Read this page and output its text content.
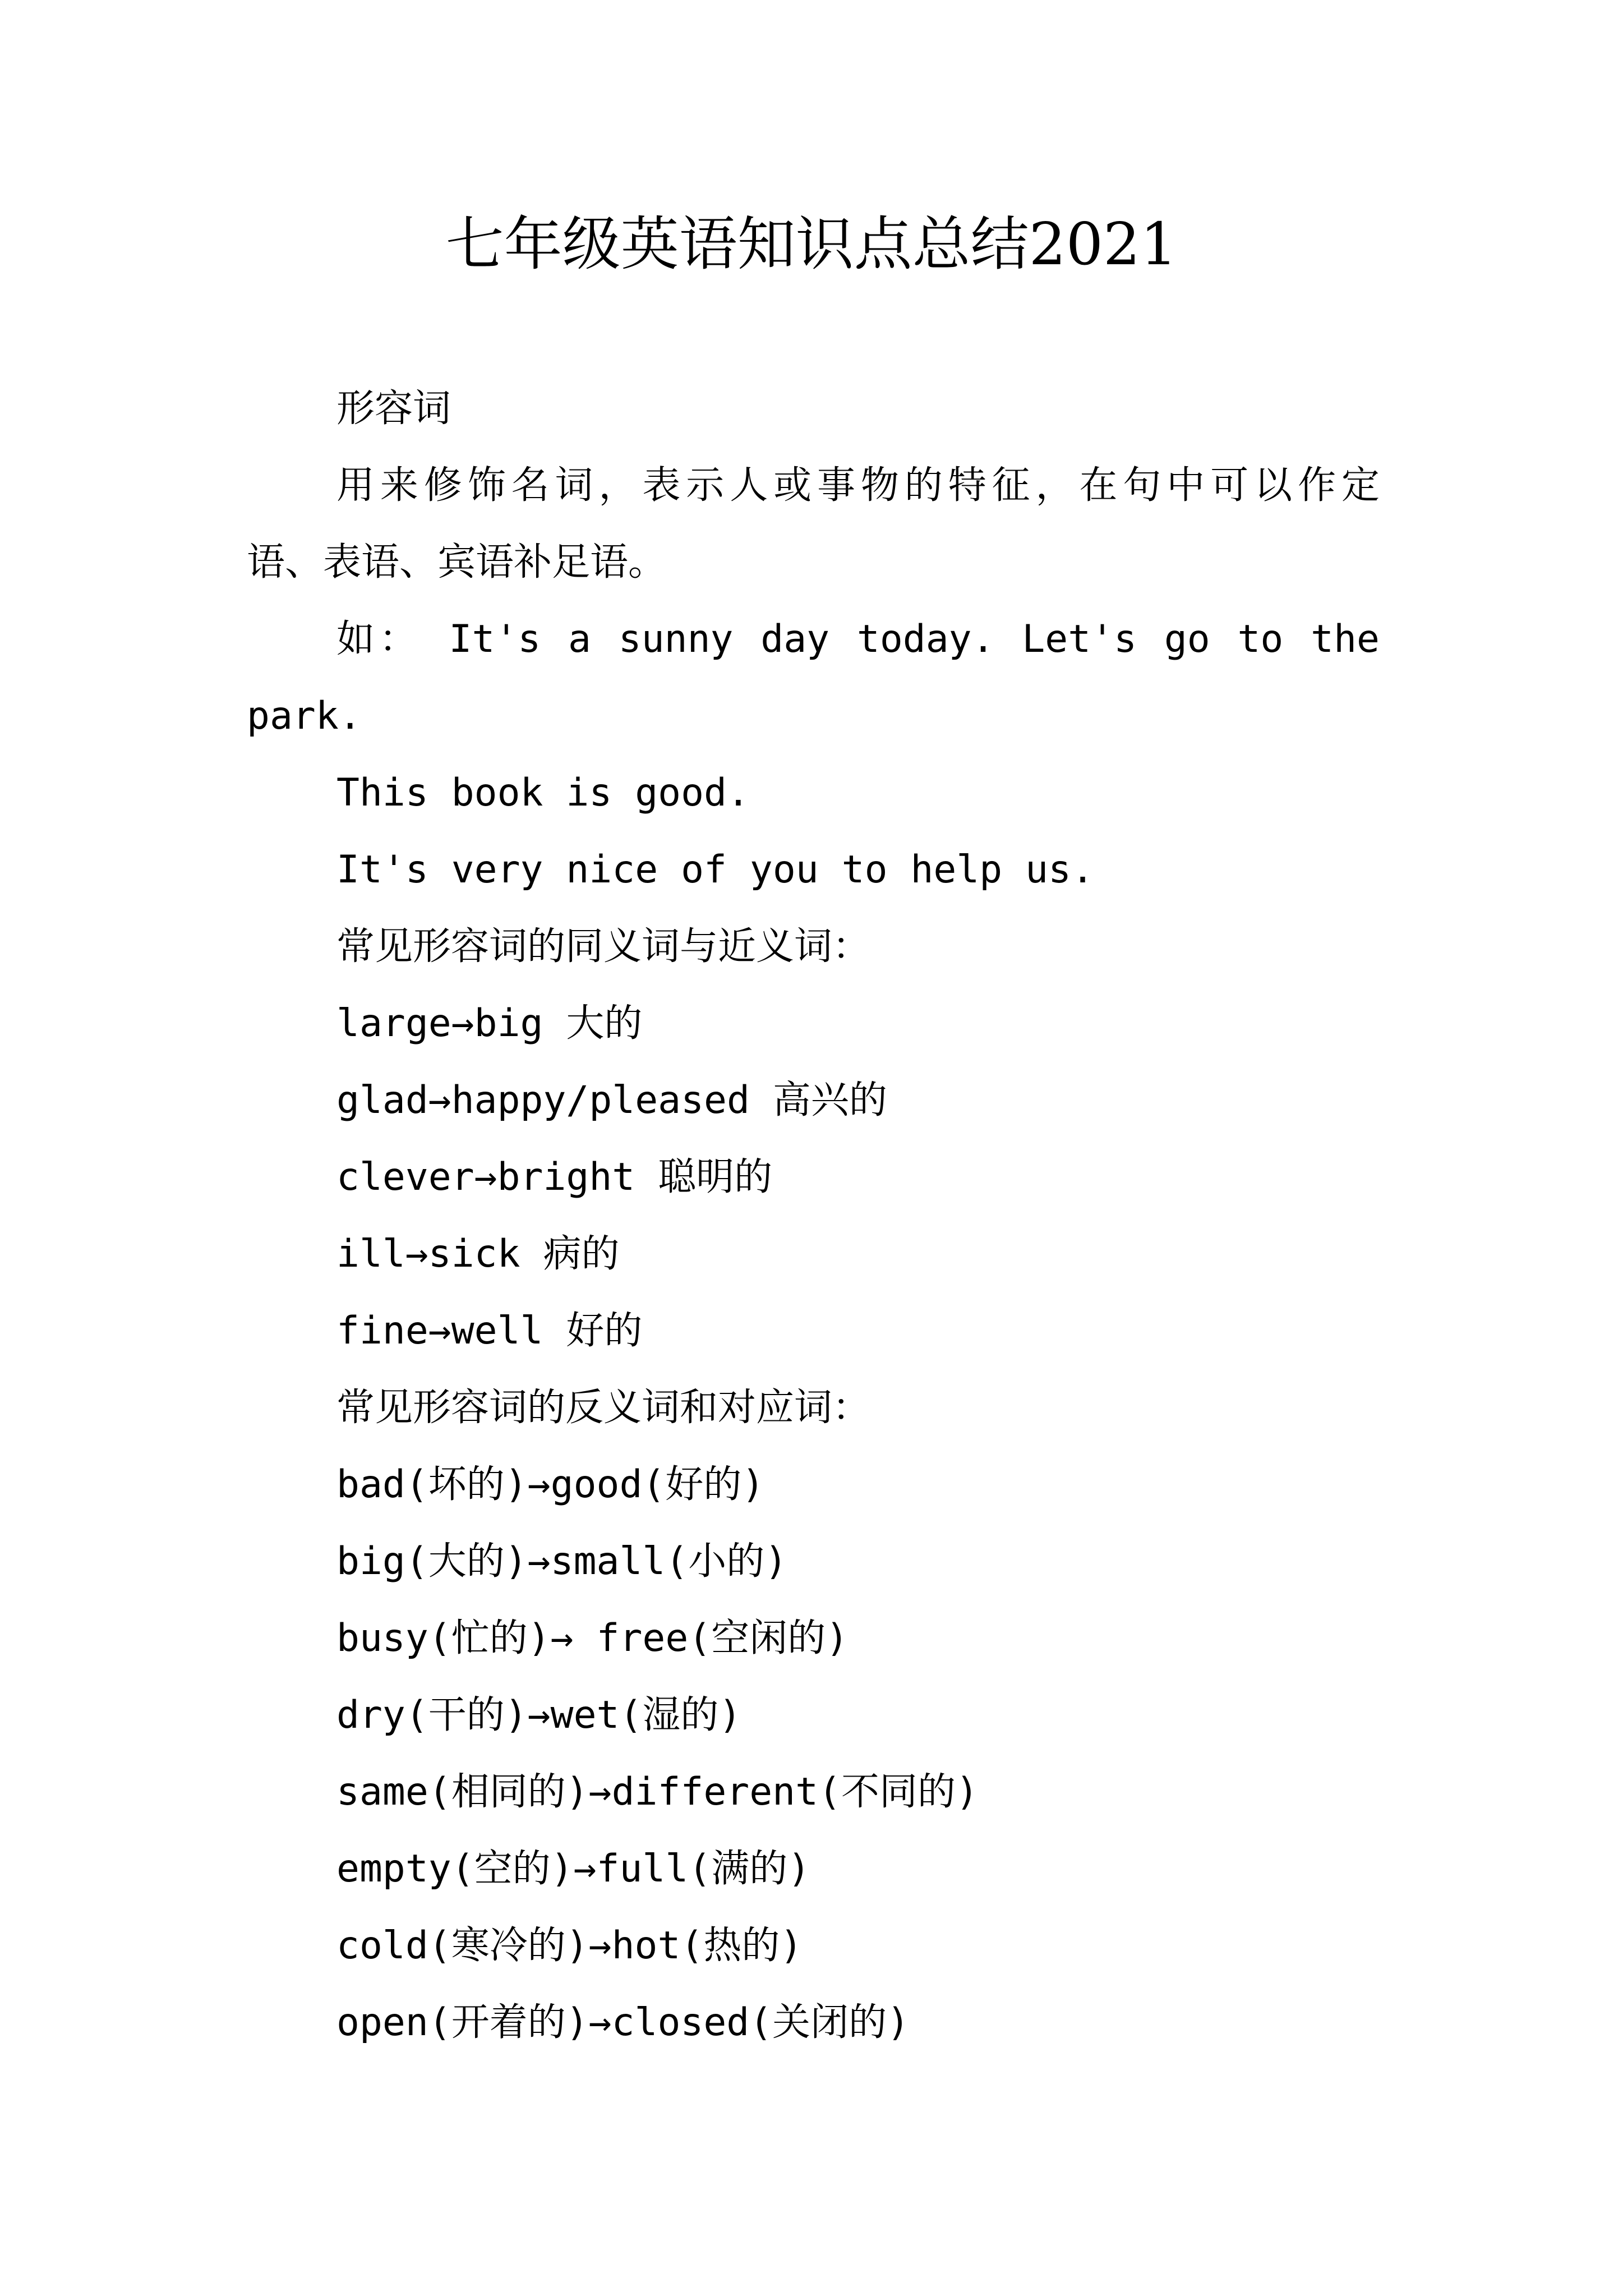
七年级英语知识点总结2021
形容词
用来修饰名词，表示人或事物的特征，在句中可以作定
语、表语、宾语补足语。
如： It's a sunny day today. Let's go to the
park.
This book is good.
It's very nice of you to help us.
常见形容词的同义词与近义词：
large→big 大的
glad→happy/pleased 高兴的
clever→bright 聪明的
ill→sick 病的
fine→well 好的
常见形容词的反义词和对应词：
bad(坏的)→good(好的)
big(大的)→small(小的)
busy(忙的)→ free(空闲的)
dry(干的)→wet(湿的)
same(相同的)→different(不同的)
empty(空的)→full(满的)
cold(寒冷的)→hot(热的)
open(开着的)→closed(关闭的)
